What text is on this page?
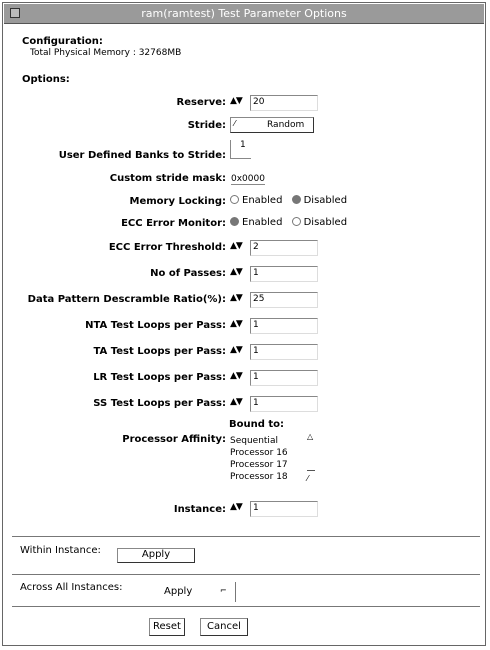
ram(ramtest) Test Parameter Options
Configuration:
Total Physical Memory : 32768MB
Options:
Reserve: ▲▼ 20
Stride: ⁄	Random
User Defined Banks to Stride:
1
Custom stride mask: 0x0000
Memory Locking:	Enabled Disabled
ECC Error Monitor:	Enabled Disabled
ECC Error Threshold: ▲▼ 2
No of Passes: ▲▼ 1
Data Pattern Descramble Ratio(%): ▲▼ 25
NTA Test Loops per Pass: ▲▼ 1
TA Test Loops per Pass: ▲▼ 1
LR Test Loops per Pass: ▲▼ 1
SS Test Loops per Pass: ▲▼ 1
Bound to:
Processor Affinity: Sequential
Processor 16
Processor 17
Processor 18
△
⁄
Instance: ▲▼ 1
Within Instance:	Apply
Across All Instances:	Apply	⌐
Reset	Cancel
